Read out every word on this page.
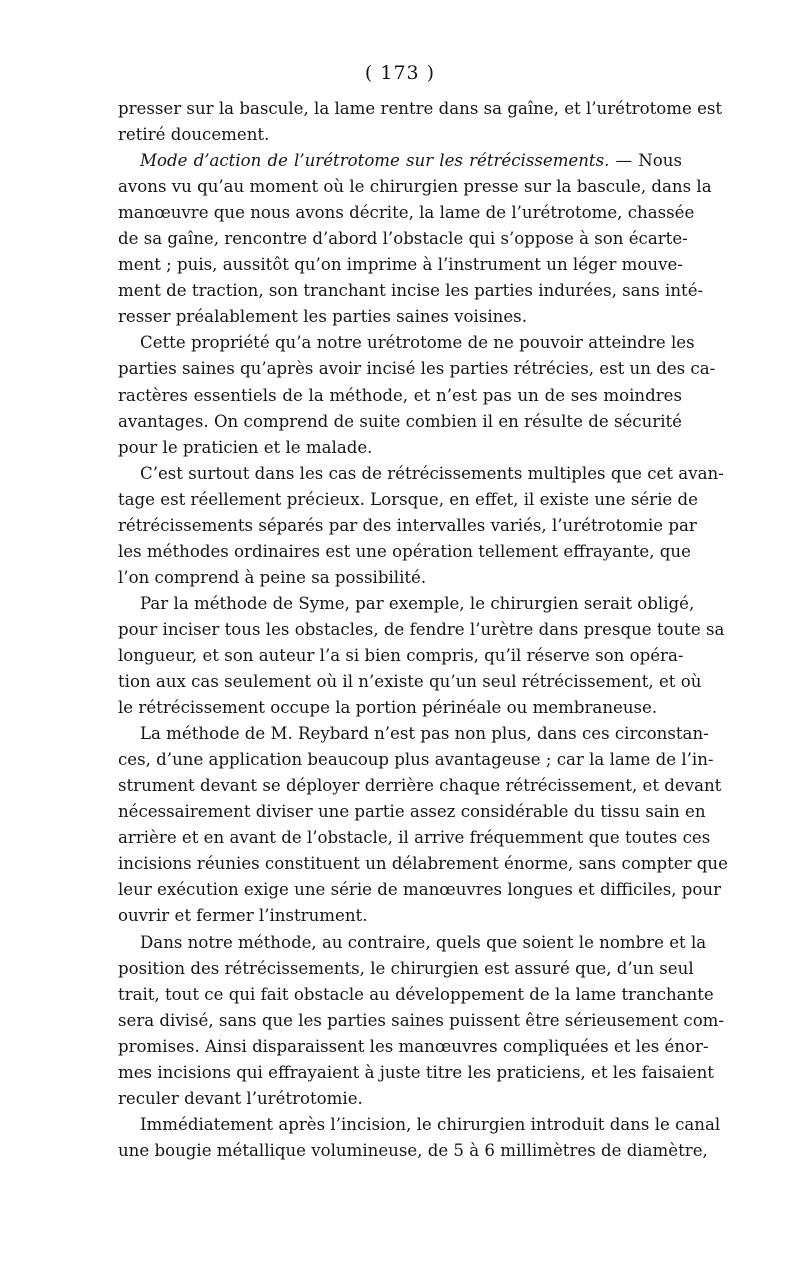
( 173 )
presser sur la bascule, la lame rentre dans sa gaîne, et l’urétrotome est
retiré doucement.
Mode d’action de l’urétrotome sur les rétrécissements. — Nous
avons vu qu’au moment où le chirurgien presse sur la bascule, dans la
manœuvre que nous avons décrite, la lame de l’urétrotome, chassée
de sa gaîne, rencontre d’abord l’obstacle qui s’oppose à son écarte-
ment ; puis, aussitôt qu’on imprime à l’instrument un léger mouve-
ment de traction, son tranchant incise les parties indurées, sans inté-
resser préalablement les parties saines voisines.
Cette propriété qu’a notre urétrotome de ne pouvoir atteindre les
parties saines qu’après avoir incisé les parties rétrécies, est un des ca-
ractères essentiels de la méthode, et n’est pas un de ses moindres
avantages. On comprend de suite combien il en résulte de sécurité
pour le praticien et le malade.
C’est surtout dans les cas de rétrécissements multiples que cet avan-
tage est réellement précieux. Lorsque, en effet, il existe une série de
rétrécissements séparés par des intervalles variés, l’urétrotomie par
les méthodes ordinaires est une opération tellement effrayante, que
l’on comprend à peine sa possibilité.
Par la méthode de Syme, par exemple, le chirurgien serait obligé,
pour inciser tous les obstacles, de fendre l’urètre dans presque toute sa
longueur, et son auteur l’a si bien compris, qu’il réserve son opéra-
tion aux cas seulement où il n’existe qu’un seul rétrécissement, et où
le rétrécissement occupe la portion périnéale ou membraneuse.
La méthode de M. Reybard n’est pas non plus, dans ces circonstan-
ces, d’une application beaucoup plus avantageuse ; car la lame de l’in-
strument devant se déployer derrière chaque rétrécissement, et devant
nécessairement diviser une partie assez considérable du tissu sain en
arrière et en avant de l’obstacle, il arrive fréquemment que toutes ces
incisions réunies constituent un délabrement énorme, sans compter que
leur exécution exige une série de manœuvres longues et difficiles, pour
ouvrir et fermer l’instrument.
Dans notre méthode, au contraire, quels que soient le nombre et la
position des rétrécissements, le chirurgien est assuré que, d’un seul
trait, tout ce qui fait obstacle au développement de la lame tranchante
sera divisé, sans que les parties saines puissent être sérieusement com-
promises. Ainsi disparaissent les manœuvres compliquées et les énor-
mes incisions qui effrayaient à juste titre les praticiens, et les faisaient
reculer devant l’urétrotomie.
Immédiatement après l’incision, le chirurgien introduit dans le canal
une bougie métallique volumineuse, de 5 à 6 millimètres de diamètre,
